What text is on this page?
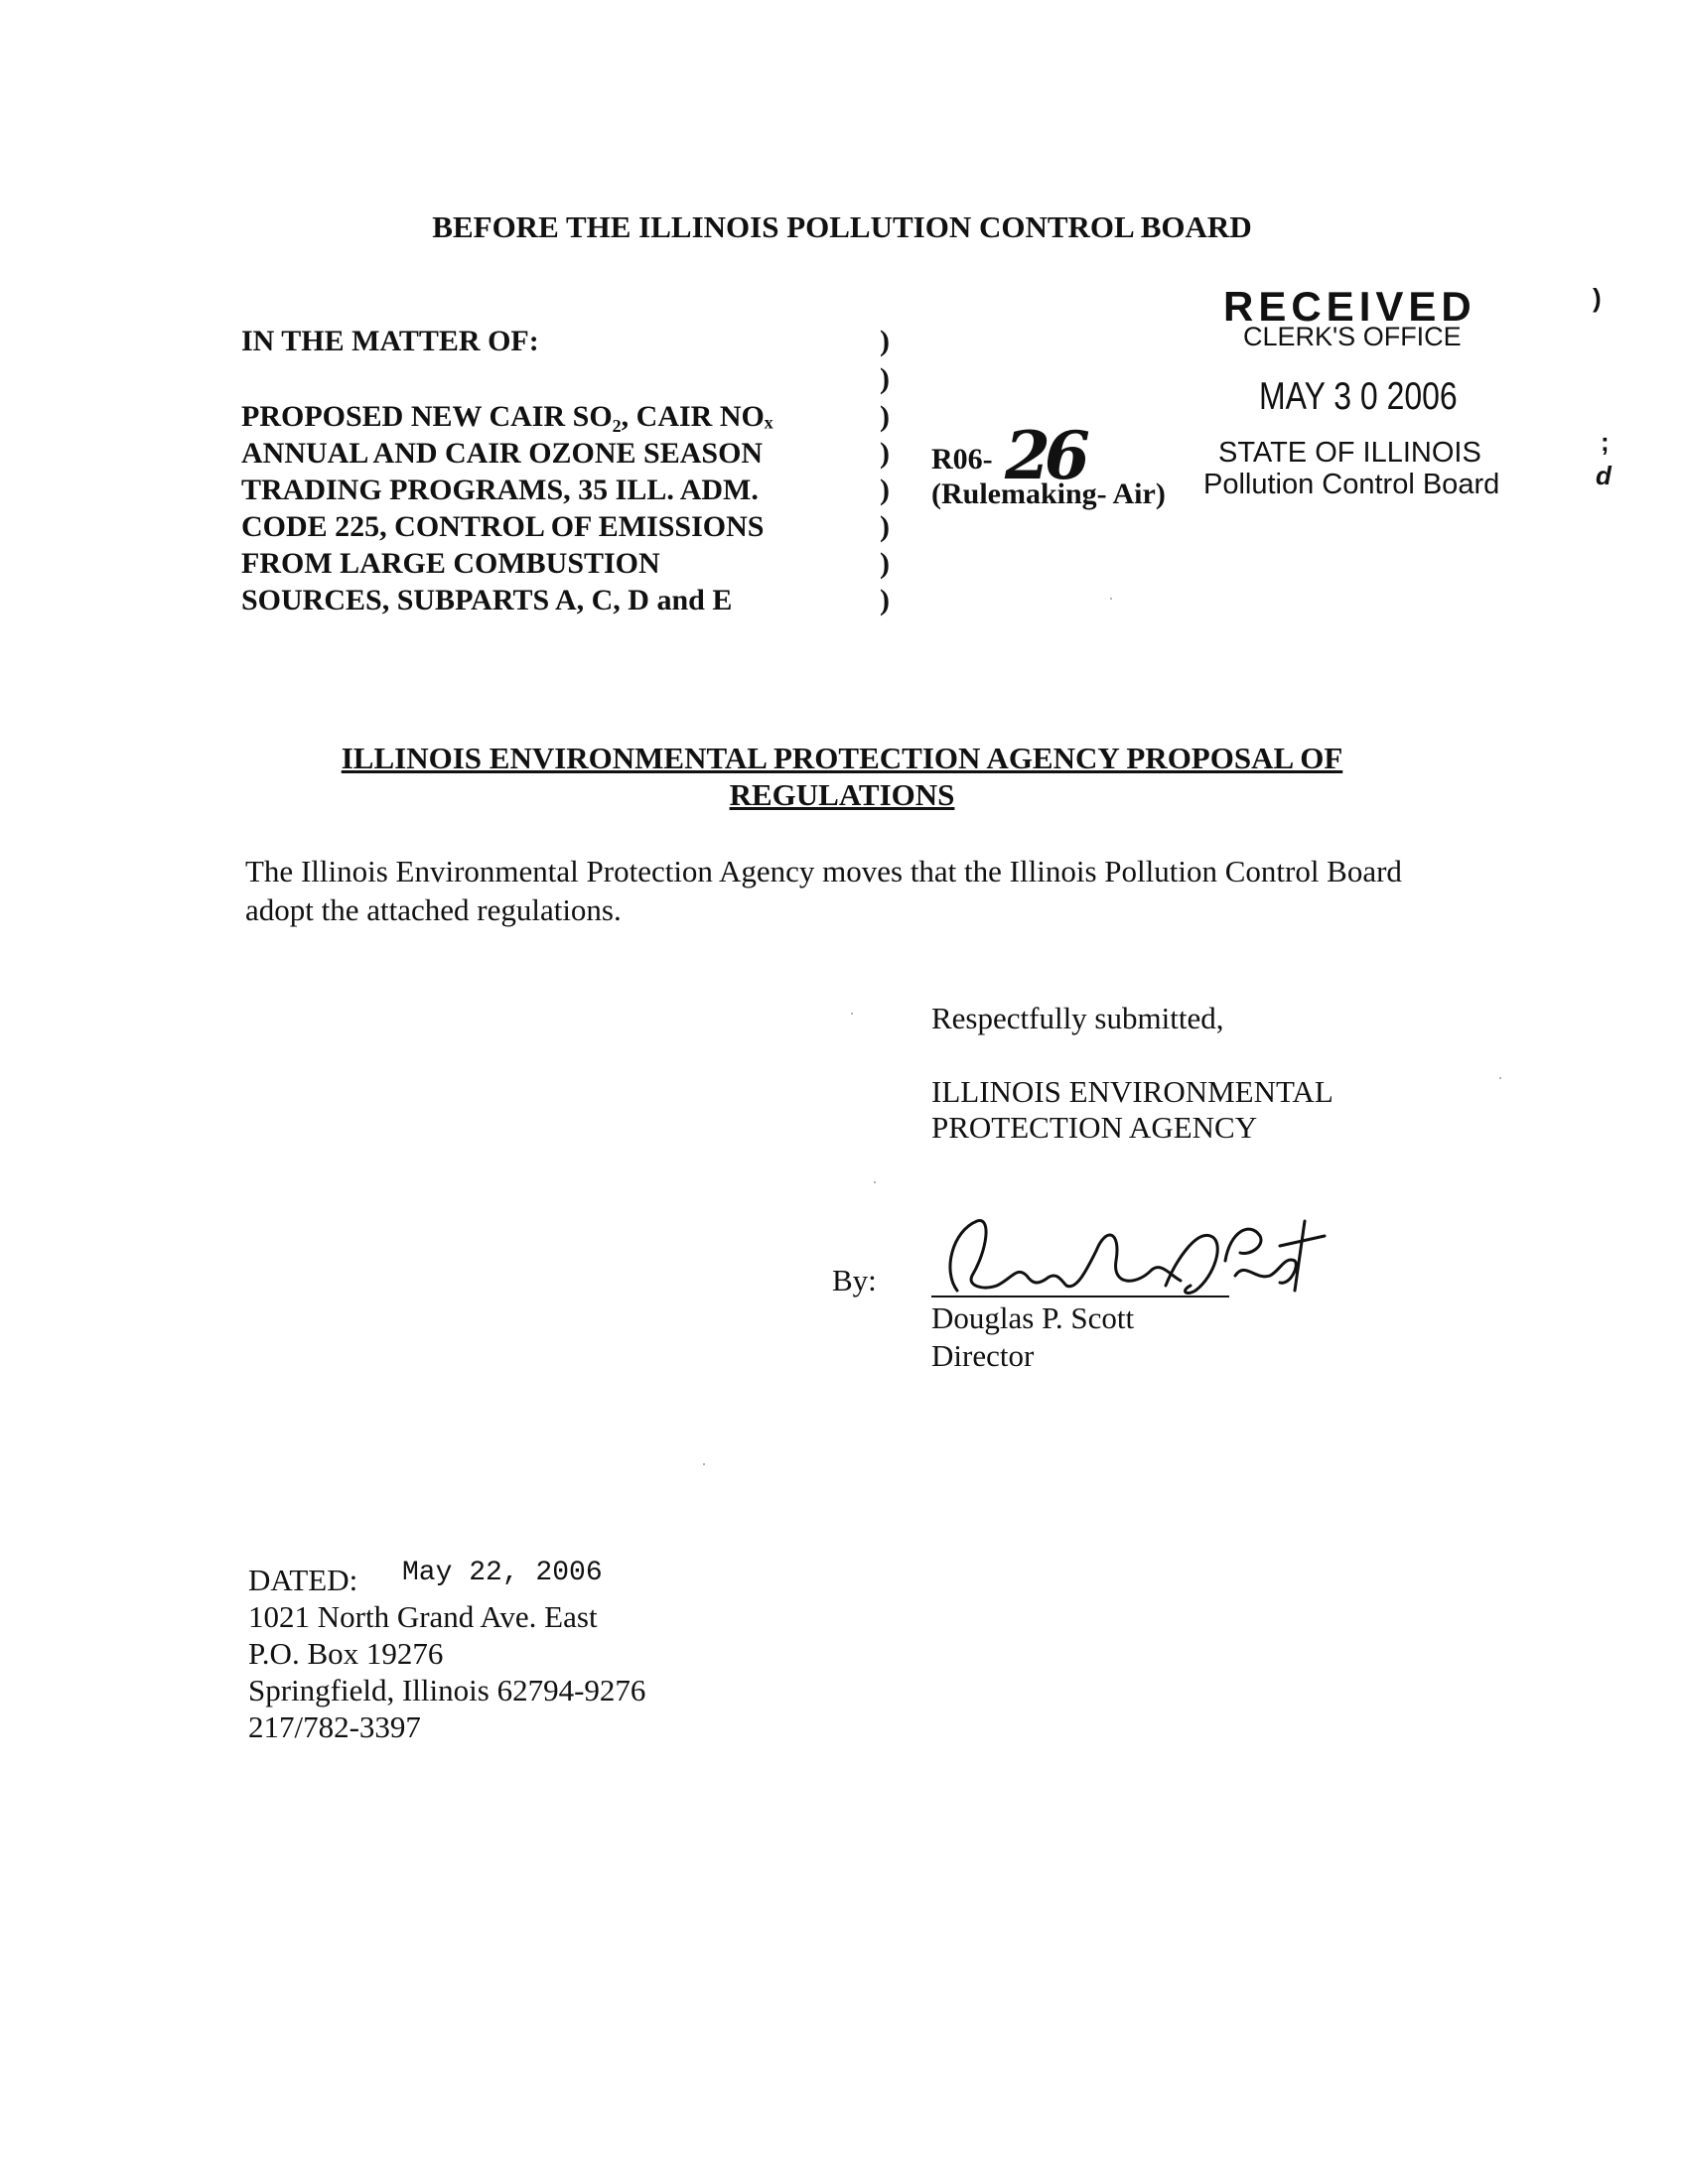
BEFORE THE ILLINOIS POLLUTION CONTROL BOARD
IN THE MATTER OF:
PROPOSED NEW CAIR SO₂, CAIR NOₓ
ANNUAL AND CAIR OZONE SEASON
TRADING PROGRAMS, 35 ILL. ADM.
CODE 225, CONTROL OF EMISSIONS
FROM LARGE COMBUSTION
SOURCES, SUBPARTS A, C, D and E
)
)
)
)
)
)
)
)
R06- 26
(Rulemaking- Air)
RECEIVED
CLERK'S OFFICE
MAY 3 0 2006
STATE OF ILLINOIS
Pollution Control Board
)
;
d
ILLINOIS ENVIRONMENTAL PROTECTION AGENCY PROPOSAL OF REGULATIONS
The Illinois Environmental Protection Agency moves that the Illinois Pollution Control Board adopt the attached regulations.
Respectfully submitted,
ILLINOIS ENVIRONMENTAL
PROTECTION AGENCY
By:
Douglas P. Scott
Director
DATED: May 22, 2006
1021 North Grand Ave. East
P.O. Box 19276
Springfield, Illinois 62794-9276
217/782-3397
